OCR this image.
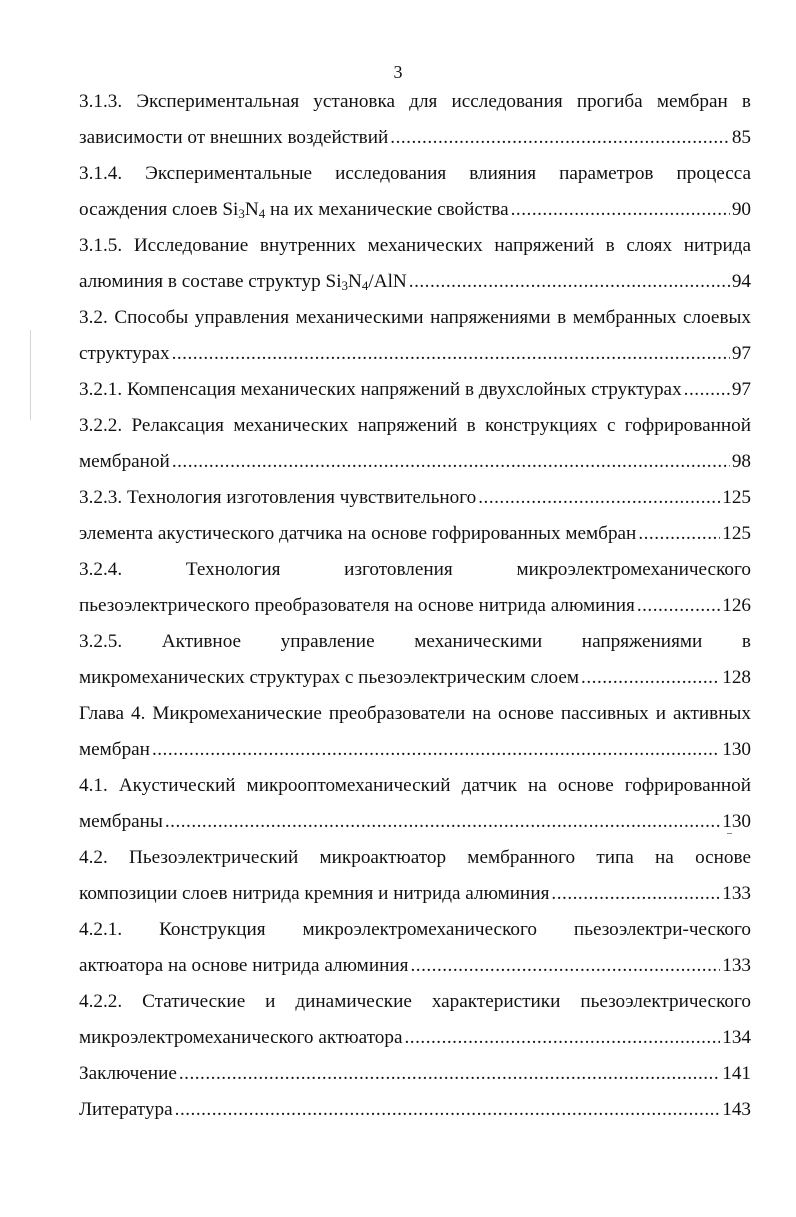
3
3.1.3. Экспериментальная установка для исследования прогиба мембран в
зависимости от внешних воздействий .....	85
3.1.4. Экспериментальные исследования влияния параметров процесса
осаждения слоев $Si_3N_4$ на их механические свойства .....	90
3.1.5. Исследование внутренних механических напряжений в слоях нитрида
алюминия в составе структур $Si_3N_4$/AlN .....	94
3.2. Способы управления механическими напряжениями в мембранных слоевых
структурах .....	97
3.2.1. Компенсация механических напряжений в двухслойных структурах .....	97
3.2.2. Релаксация механических напряжений в конструкциях с гофрированной
мембраной .....	98
3.2.3. Технология изготовления чувствительного .....	125
элемента акустического датчика на основе гофрированных мембран .....	125
3.2.4. Технология изготовления микроэлектромеханического
пьезоэлектрического преобразователя на основе нитрида алюминия .....	126
3.2.5. Активное управление механическими напряжениями в
микромеханических структурах с пьезоэлектрическим слоем .....	128
Глава 4. Микромеханические преобразователи на основе пассивных и активных
мембран .....	130
4.1. Акустический микрооптомеханический датчик на основе гофрированной
мембраны .....	130
4.2. Пьезоэлектрический микроактюатор мембранного типа на основе
композиции слоев нитрида кремния и нитрида алюминия .....	133
4.2.1. Конструкция микроэлектромеханического пьезоэлектри-ческого
актюатора на основе нитрида алюминия .....	133
4.2.2. Статические и динамические характеристики пьезоэлектрического
микроэлектромеханического актюатора .....	134
Заключение .....	141
Литература .....	143
